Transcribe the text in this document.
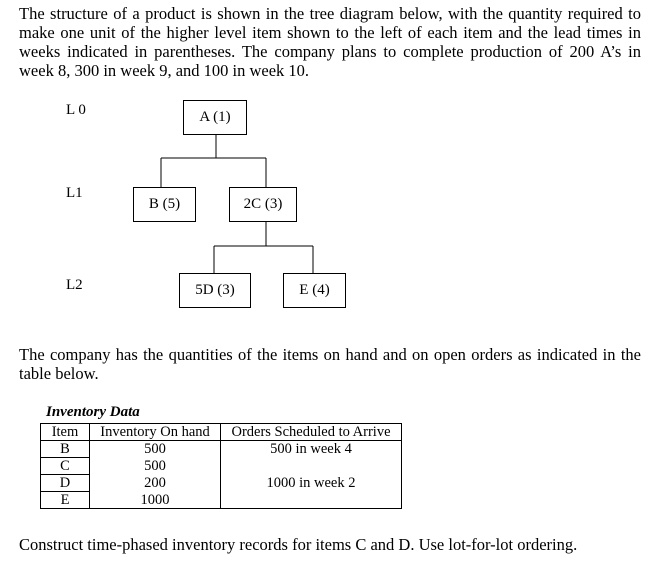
The structure of a product is shown in the tree diagram below, with the quantity required to make one unit of the higher level item shown to the left of each item and the lead times in weeks indicated in parentheses. The company plans to complete production of 200 A’s in week 8, 300 in week 9, and 100 in week 10.

L 0
L1
L2
A (1)
B (5)	2C (3)
5D (3)	E (4)

The company has the quantities of the items on hand and on open orders as indicated in the table below.

Inventory Data
Item	Inventory On hand	Orders Scheduled to Arrive
B	500	500 in week 4
C	500	
D	200	1000 in week 2
E	1000	

Construct time-phased inventory records for items C and D. Use lot-for-lot ordering.
